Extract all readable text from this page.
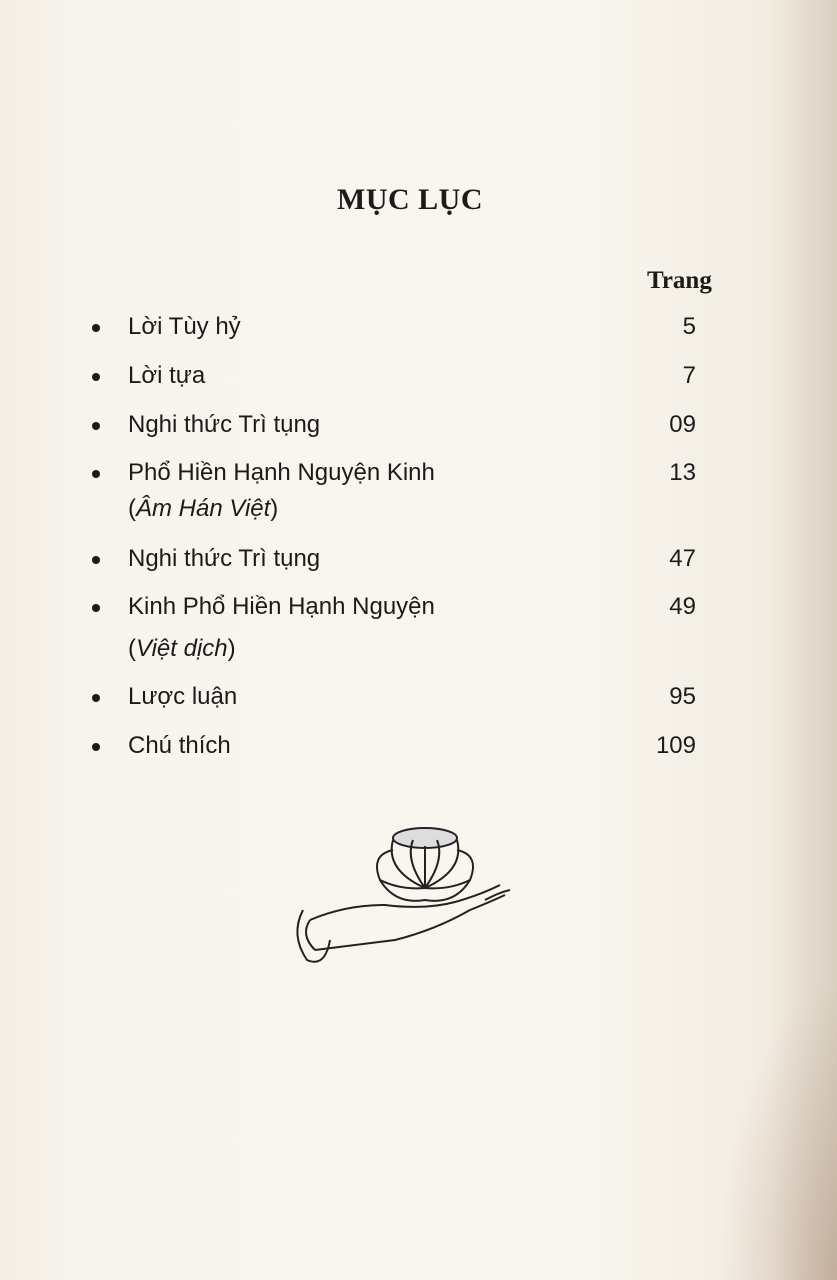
MỤC LỤC
Trang
Lời Tùy hỷ	5
Lời tựa	7
Nghi thức Trì tụng	09
Phổ Hiền Hạnh Nguyện Kinh	13
(Âm Hán Việt)
Nghi thức Trì tụng	47
Kinh Phổ Hiền Hạnh Nguyện	49
(Việt dịch)
Lược luận	95
Chú thích	109
